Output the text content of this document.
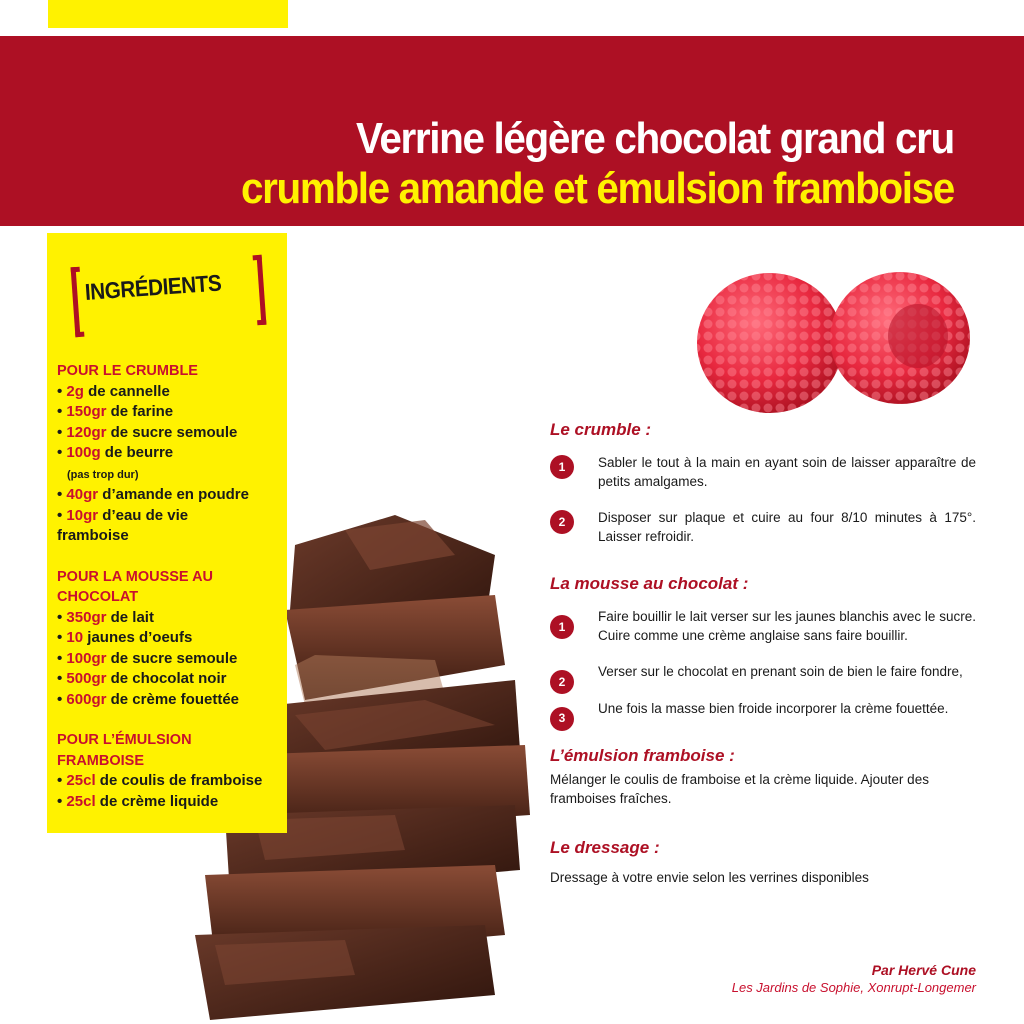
Verrine légère chocolat grand cru
crumble amande et émulsion framboise
INGRÉDIENTS
POUR LE CRUMBLE
• 2g de cannelle
• 150gr de farine
• 120gr de sucre semoule
• 100g de beurre
(pas trop dur)
• 40gr d’amande en poudre
• 10gr d’eau de vie
framboise
POUR LA MOUSSE AU
CHOCOLAT
• 350gr de lait
• 10 jaunes d’oeufs
• 100gr de sucre semoule
• 500gr de chocolat noir
• 600gr de crème fouettée
POUR L’ÉMULSION
FRAMBOISE
• 25cl de coulis de framboise
• 25cl de crème liquide
Le crumble :
1	Sabler le tout à la main en ayant soin de laisser apparaître de petits amalgames.
2	Disposer sur plaque et cuire au four 8/10 minutes à 175°. Laisser refroidir.
La mousse au chocolat :
1
Faire bouillir le lait verser sur les jaunes blanchis avec le sucre. Cuire comme une crème anglaise sans faire bouillir.
2
Verser sur le chocolat en prenant soin de bien le faire fondre,
3
Une fois la masse bien froide incorporer la crème fouettée.
L’émulsion framboise :
Mélanger le coulis de framboise et la crème liquide. Ajouter des framboises fraîches.
Le dressage :
Dressage à votre envie selon les verrines disponibles
Par Hervé Cune
Les Jardins de Sophie, Xonrupt-Longemer
